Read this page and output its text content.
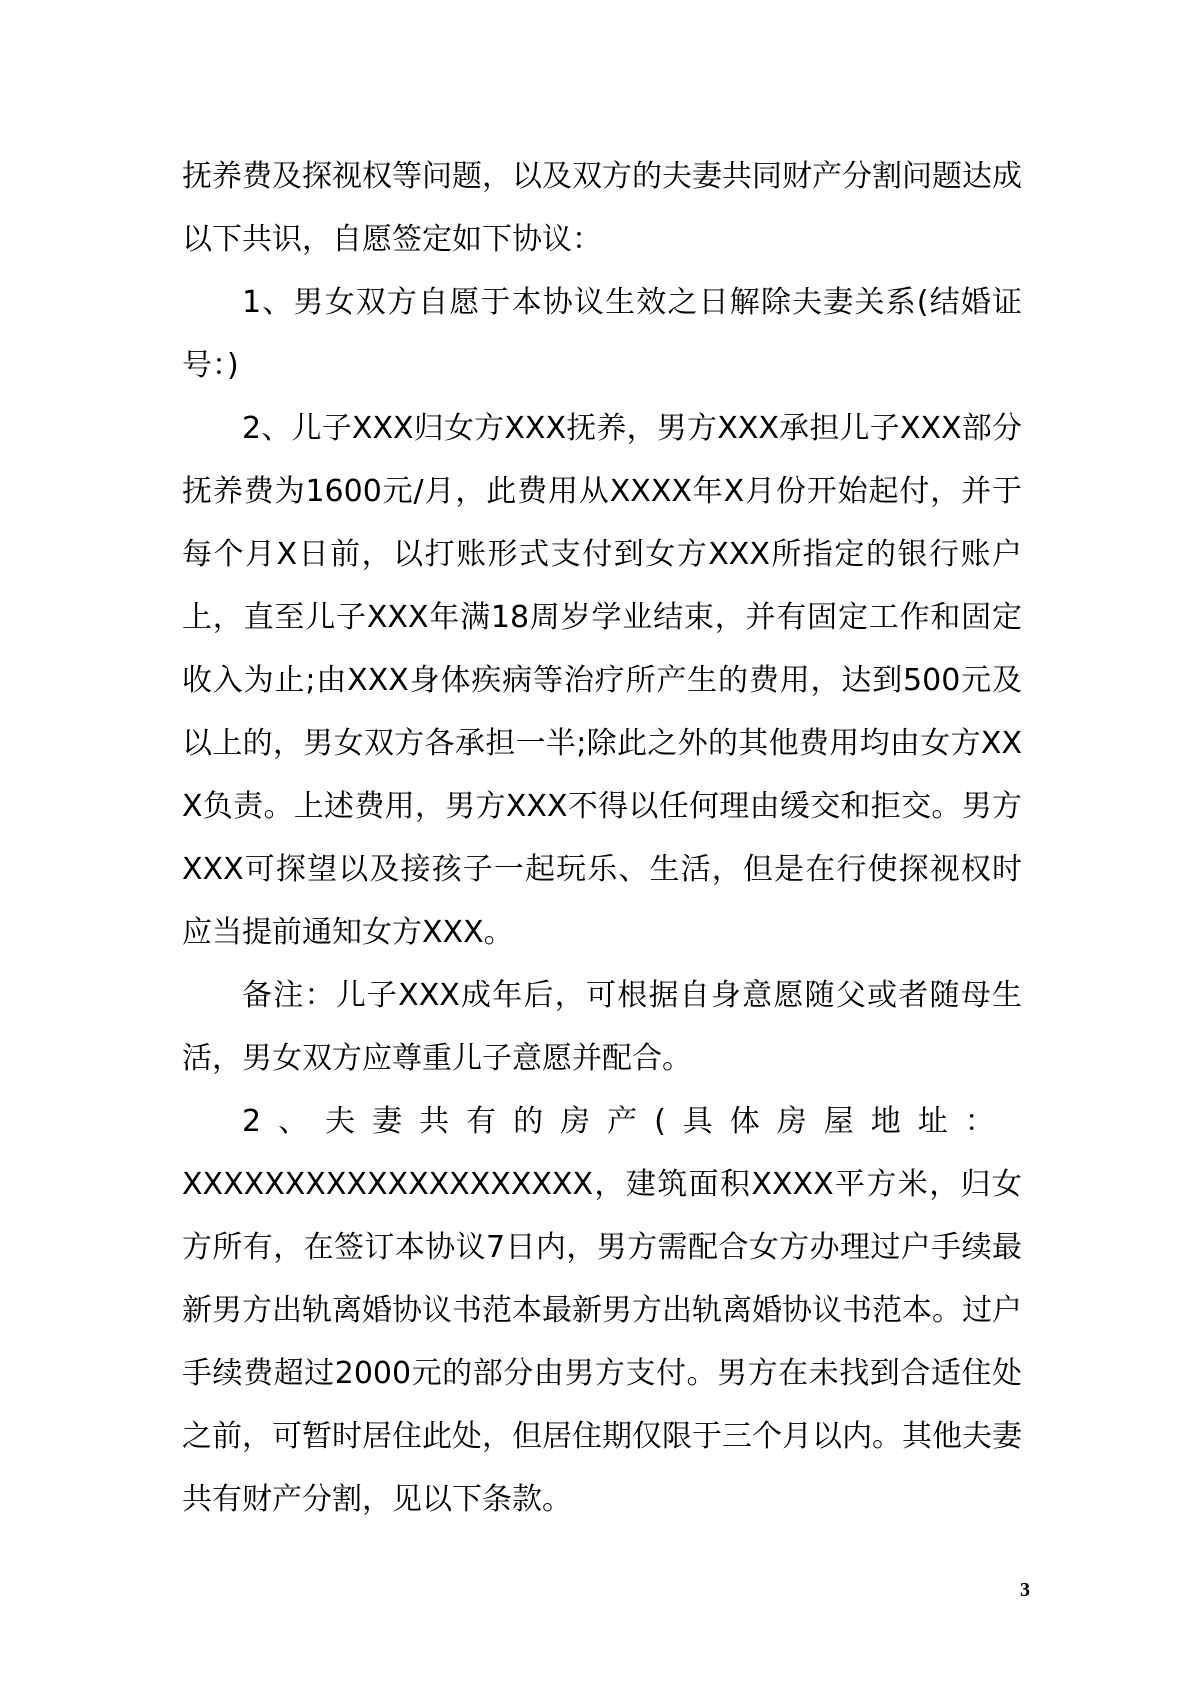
抚养费及探视权等问题，以及双方的夫妻共同财产分割问题达成以下共识，自愿签定如下协议：

1、男女双方自愿于本协议生效之日解除夫妻关系(结婚证号：)

2、儿子XXX归女方XXX抚养，男方XXX承担儿子XXX部分抚养费为1600元/月，此费用从XXXX年X月份开始起付，并于每个月X日前，以打账形式支付到女方XXX所指定的银行账户上，直至儿子XXX年满18周岁学业结束，并有固定工作和固定收入为止;由XXX身体疾病等治疗所产生的费用，达到500元及以上的，男女双方各承担一半;除此之外的其他费用均由女方XXX负责。上述费用，男方XXX不得以任何理由缓交和拒交。男方XXX可探望以及接孩子一起玩乐、生活，但是在行使探视权时应当提前通知女方XXX。

备注：儿子XXX成年后，可根据自身意愿随父或者随母生活，男女双方应尊重儿子意愿并配合。

2、夫妻共有的房产(具体房屋地址：

XXXXXXXXXXXXXXXXXXXX，建筑面积XXXX平方米，归女方所有，在签订本协议7日内，男方需配合女方办理过户手续最新男方出轨离婚协议书范本最新男方出轨离婚协议书范本。过户手续费超过2000元的部分由男方支付。男方在未找到合适住处之前，可暂时居住此处，但居住期仅限于三个月以内。其他夫妻共有财产分割，见以下条款。

3
